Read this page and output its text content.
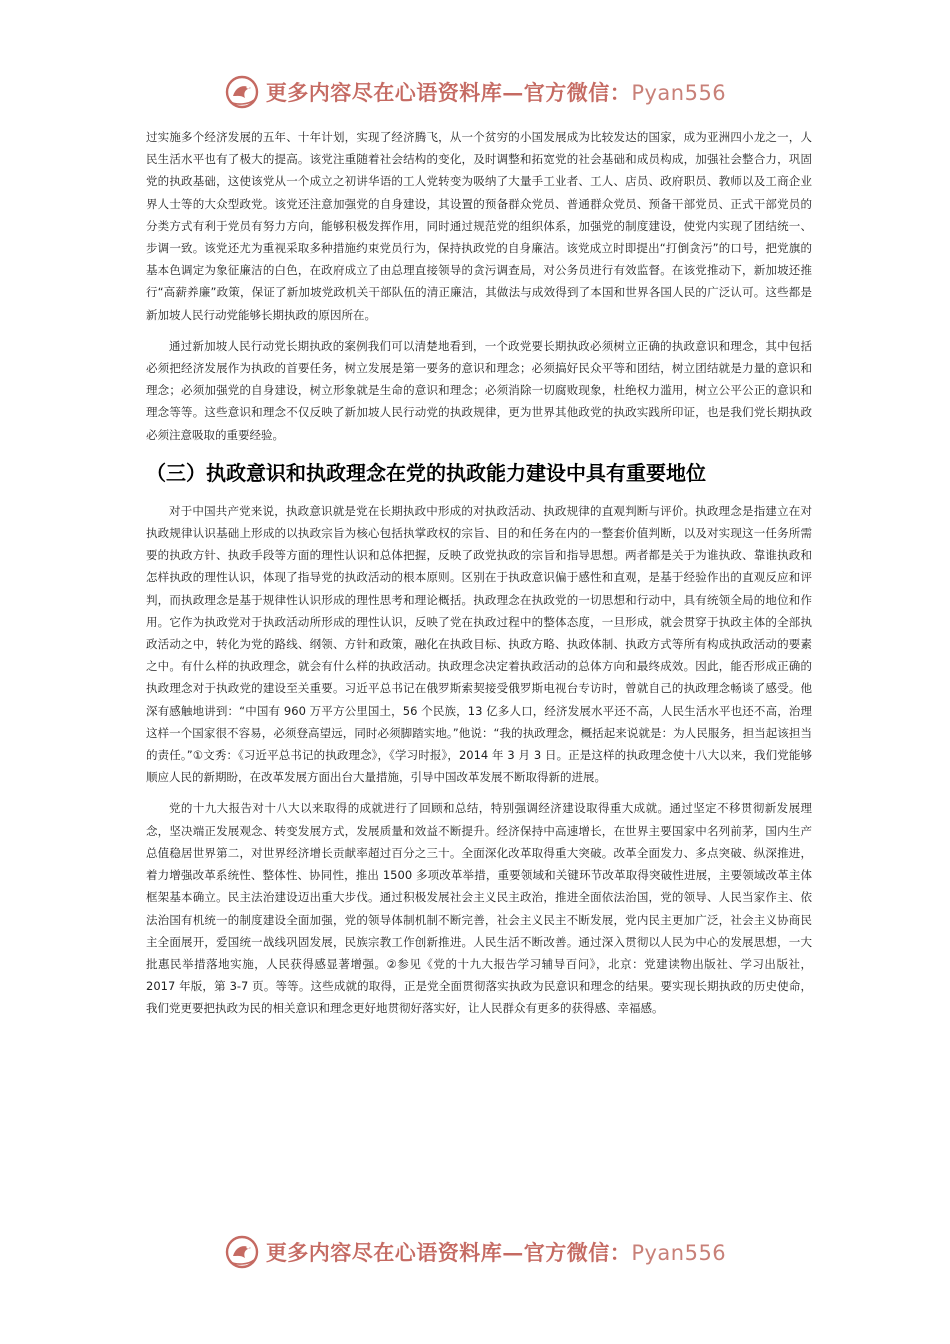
更多内容尽在心语资料库—官方微信：Pyan556

过实施多个经济发展的五年、十年计划，实现了经济腾飞，从一个贫穷的小国发展成为比较发达的国家，成为亚洲四小龙之一，人民生活水平也有了极大的提高。该党注重随着社会结构的变化，及时调整和拓宽党的社会基础和成员构成，加强社会整合力，巩固党的执政基础，这使该党从一个成立之初讲华语的工人党转变为吸纳了大量手工业者、工人、店员、政府职员、教师以及工商企业界人士等的大众型政党。该党还注意加强党的自身建设，其设置的预备群众党员、普通群众党员、预备干部党员、正式干部党员的分类方式有利于党员有努力方向，能够积极发挥作用，同时通过规范党的组织体系，加强党的制度建设，使党内实现了团结统一、步调一致。该党还尤为重视采取多种措施约束党员行为，保持执政党的自身廉洁。该党成立时即提出“打倒贪污”的口号，把党旗的基本色调定为象征廉洁的白色，在政府成立了由总理直接领导的贪污调查局，对公务员进行有效监督。在该党推动下，新加坡还推行“高薪养廉”政策，保证了新加坡党政机关干部队伍的清正廉洁，其做法与成效得到了本国和世界各国人民的广泛认可。这些都是新加坡人民行动党能够长期执政的原因所在。

通过新加坡人民行动党长期执政的案例我们可以清楚地看到，一个政党要长期执政必须树立正确的执政意识和理念，其中包括必须把经济发展作为执政的首要任务，树立发展是第一要务的意识和理念；必须搞好民众平等和团结，树立团结就是力量的意识和理念；必须加强党的自身建设，树立形象就是生命的意识和理念；必须消除一切腐败现象，杜绝权力滥用，树立公平公正的意识和理念等等。这些意识和理念不仅反映了新加坡人民行动党的执政规律，更为世界其他政党的执政实践所印证，也是我们党长期执政必须注意吸取的重要经验。

（三）执政意识和执政理念在党的执政能力建设中具有重要地位

对于中国共产党来说，执政意识就是党在长期执政中形成的对执政活动、执政规律的直观判断与评价。执政理念是指建立在对执政规律认识基础上形成的以执政宗旨为核心包括执掌政权的宗旨、目的和任务在内的一整套价值判断，以及对实现这一任务所需要的执政方针、执政手段等方面的理性认识和总体把握，反映了政党执政的宗旨和指导思想。两者都是关于为谁执政、靠谁执政和怎样执政的理性认识，体现了指导党的执政活动的根本原则。区别在于执政意识偏于感性和直观，是基于经验作出的直观反应和评判，而执政理念是基于规律性认识形成的理性思考和理论概括。执政理念在执政党的一切思想和行动中，具有统领全局的地位和作用。它作为执政党对于执政活动所形成的理性认识，反映了党在执政过程中的整体态度，一旦形成，就会贯穿于执政主体的全部执政活动之中，转化为党的路线、纲领、方针和政策，融化在执政目标、执政方略、执政体制、执政方式等所有构成执政活动的要素之中。有什么样的执政理念，就会有什么样的执政活动。执政理念决定着执政活动的总体方向和最终成效。因此，能否形成正确的执政理念对于执政党的建设至关重要。习近平总书记在俄罗斯索契接受俄罗斯电视台专访时，曾就自己的执政理念畅谈了感受。他深有感触地讲到：“中国有 960 万平方公里国土，56 个民族，13 亿多人口，经济发展水平还不高，人民生活水平也还不高，治理这样一个国家很不容易，必须登高望远，同时必须脚踏实地。”他说：“我的执政理念，概括起来说就是：为人民服务，担当起该担当的责任。”①文秀：《习近平总书记的执政理念》，《学习时报》，2014 年 3 月 3 日。正是这样的执政理念使十八大以来，我们党能够顺应人民的新期盼，在改革发展方面出台大量措施，引导中国改革发展不断取得新的进展。

党的十九大报告对十八大以来取得的成就进行了回顾和总结，特别强调经济建设取得重大成就。通过坚定不移贯彻新发展理念，坚决端正发展观念、转变发展方式，发展质量和效益不断提升。经济保持中高速增长，在世界主要国家中名列前茅，国内生产总值稳居世界第二，对世界经济增长贡献率超过百分之三十。全面深化改革取得重大突破。改革全面发力、多点突破、纵深推进，着力增强改革系统性、整体性、协同性，推出 1500 多项改革举措，重要领域和关键环节改革取得突破性进展，主要领域改革主体框架基本确立。民主法治建设迈出重大步伐。通过积极发展社会主义民主政治，推进全面依法治国，党的领导、人民当家作主、依法治国有机统一的制度建设全面加强，党的领导体制机制不断完善，社会主义民主不断发展，党内民主更加广泛，社会主义协商民主全面展开，爱国统一战线巩固发展，民族宗教工作创新推进。人民生活不断改善。通过深入贯彻以人民为中心的发展思想，一大批惠民举措落地实施，人民获得感显著增强。②参见《党的十九大报告学习辅导百问》，北京：党建读物出版社、学习出版社，2017 年版，第 3-7 页。等等。这些成就的取得，正是党全面贯彻落实执政为民意识和理念的结果。要实现长期执政的历史使命，我们党更要把执政为民的相关意识和理念更好地贯彻好落实好，让人民群众有更多的获得感、幸福感。

更多内容尽在心语资料库—官方微信：Pyan556
